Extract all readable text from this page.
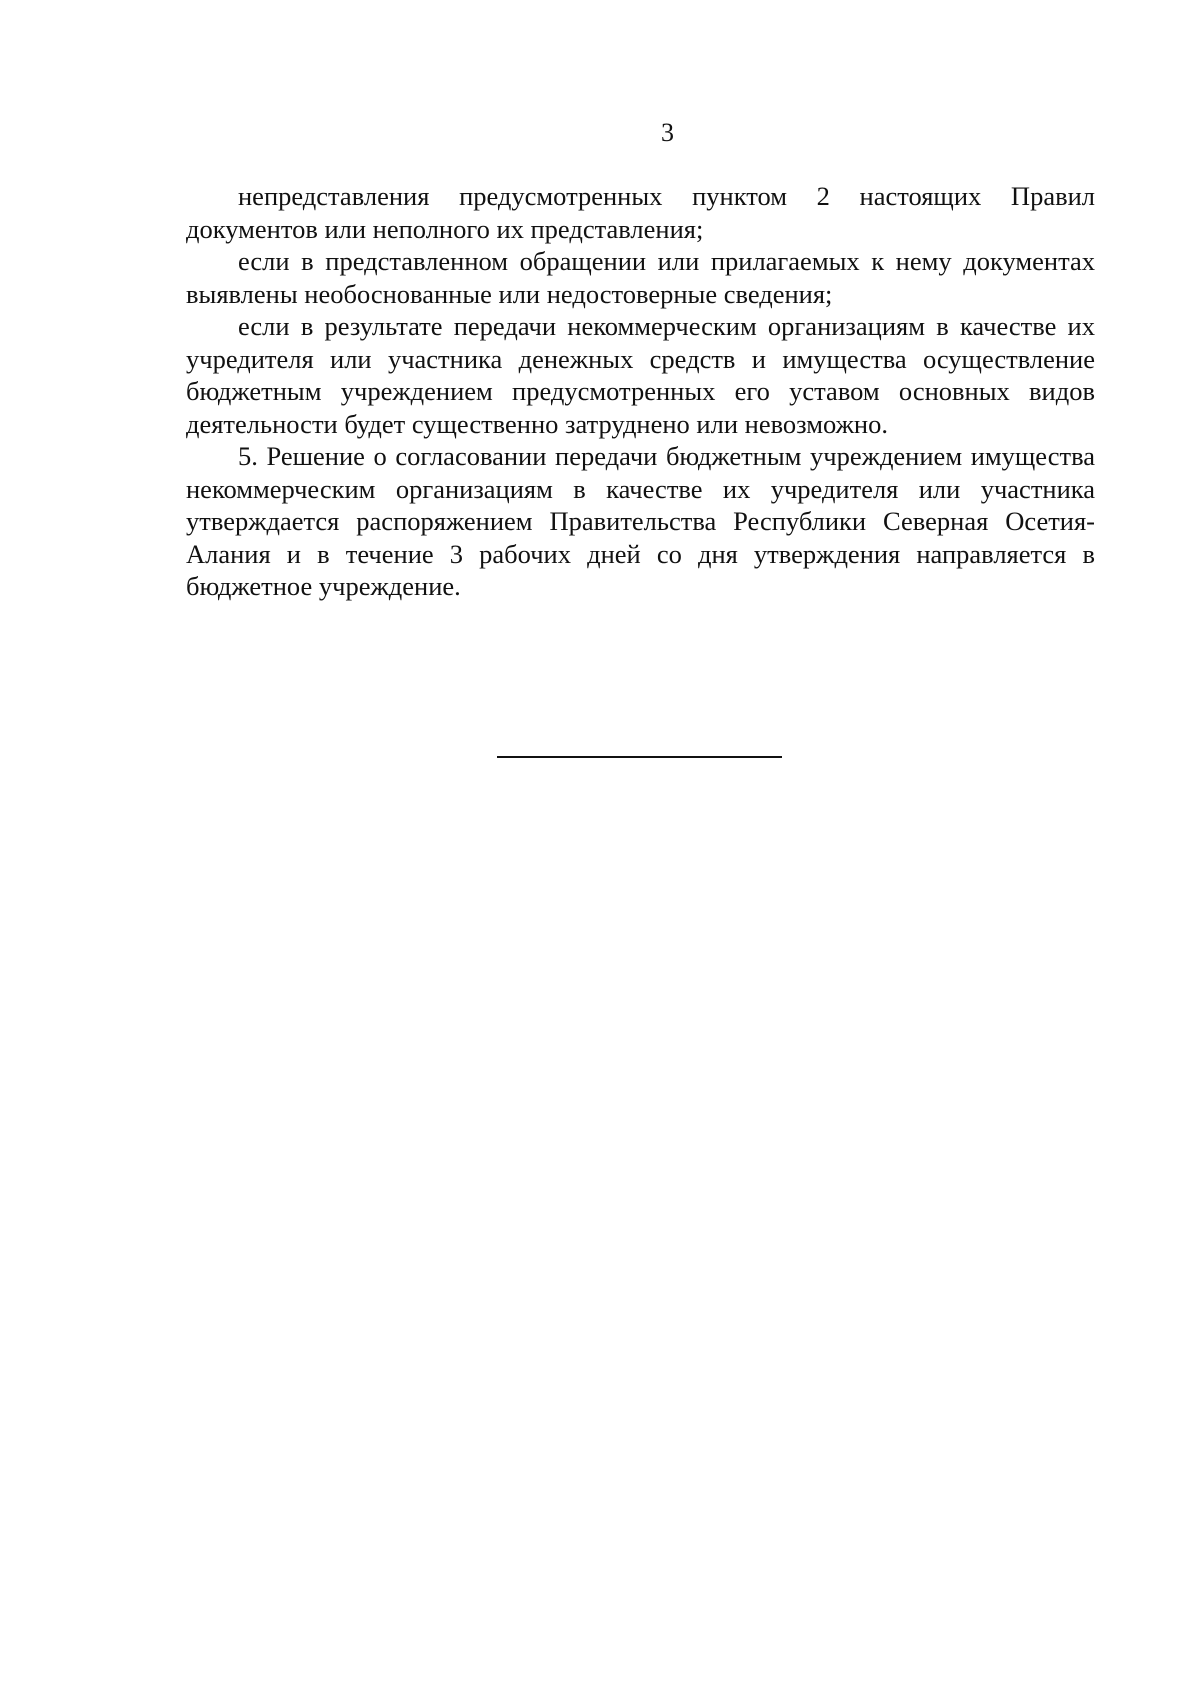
3

непредставления предусмотренных пунктом 2 настоящих Правил документов или неполного их представления;

если в представленном обращении или прилагаемых к нему документах выявлены необоснованные или недостоверные сведения;

если в результате передачи некоммерческим организациям в качестве их учредителя или участника денежных средств и имущества осуществление бюджетным учреждением предусмотренных его уставом основных видов деятельности будет существенно затруднено или невозможно.

5. Решение о согласовании передачи бюджетным учреждением имущества некоммерческим организациям в качестве их учредителя или участника утверждается распоряжением Правительства Республики Северная Осетия-Алания и в течение 3 рабочих дней со дня утверждения направляется в бюджетное учреждение.
